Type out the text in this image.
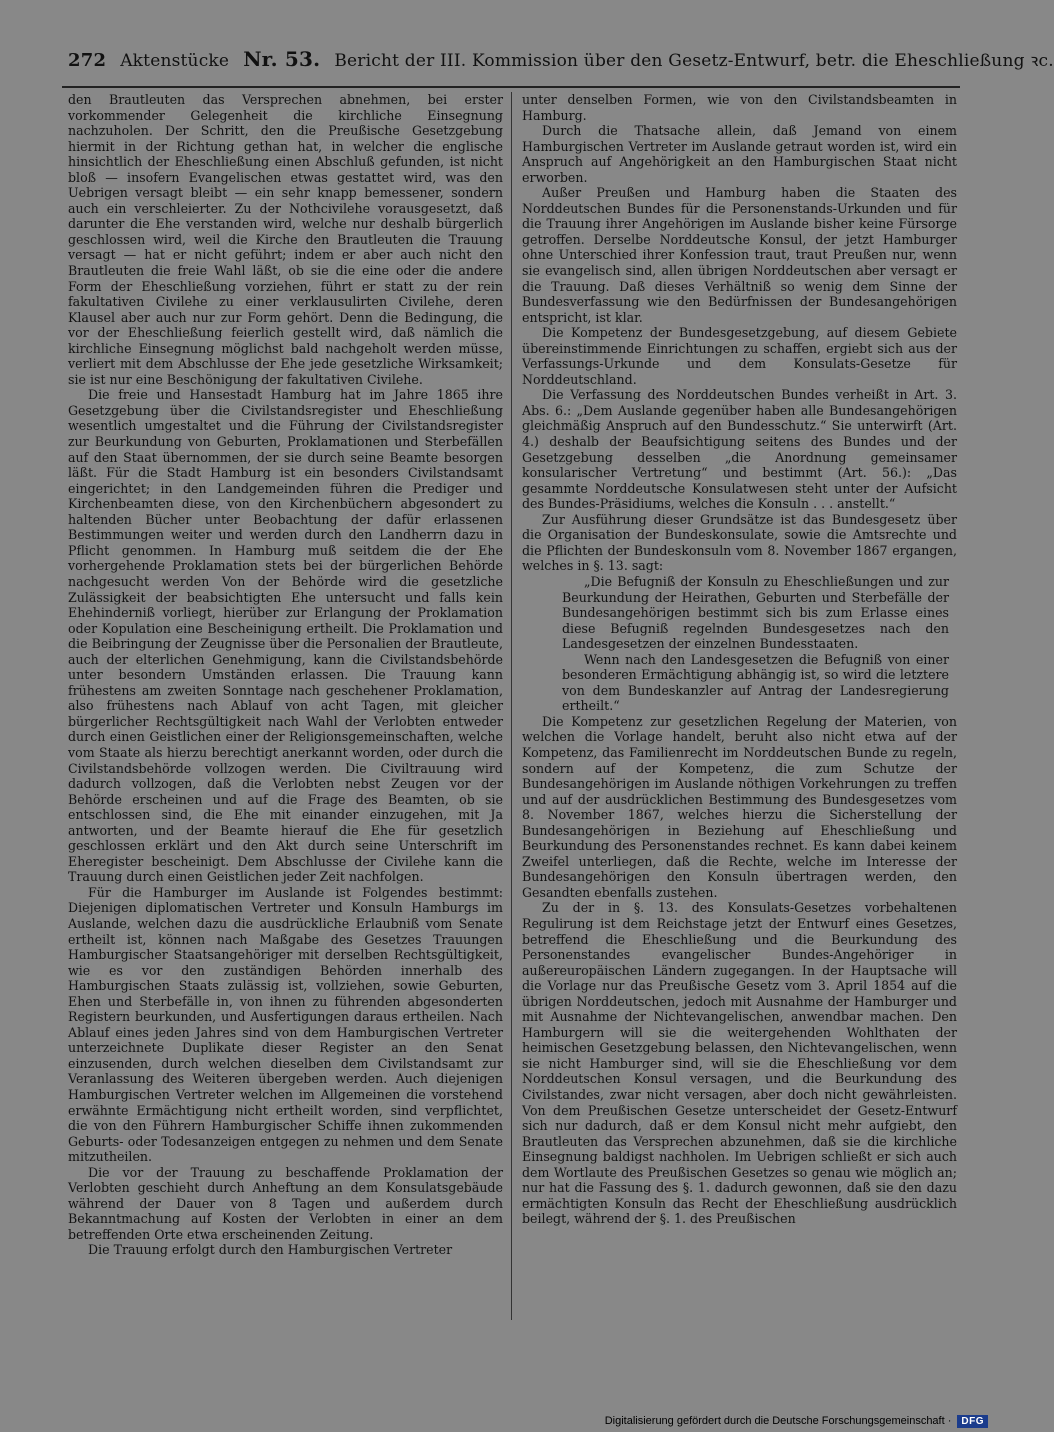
272 Aktenstücke Nr. 53. Bericht der III. Kommission über den Gesetz-Entwurf, betr. die Eheschließung ꝛc.

den Brautleuten das Versprechen abnehmen, bei erster vorkommender Gelegenheit die kirchliche Einsegnung nachzuholen. Der Schritt, den die Preußische Gesetzgebung hiermit in der Richtung gethan hat, in welcher die englische hinsichtlich der Eheschließung einen Abschluß gefunden, ist nicht bloß — insofern Evangelischen etwas gestattet wird, was den Uebrigen versagt bleibt — ein sehr knapp bemessener, sondern auch ein verschleierter. Zu der Nothcivilehe vorausgesetzt, daß darunter die Ehe verstanden wird, welche nur deshalb bürgerlich geschlossen wird, weil die Kirche den Brautleuten die Trauung versagt — hat er nicht geführt; indem er aber auch nicht den Brautleuten die freie Wahl läßt, ob sie die eine oder die andere Form der Eheschließung vorziehen, führt er statt zu der rein fakultativen Civilehe zu einer verklausulirten Civilehe, deren Klausel aber auch nur zur Form gehört. Denn die Bedingung, die vor der Eheschließung feierlich gestellt wird, daß nämlich die kirchliche Einsegnung möglichst bald nachgeholt werden müsse, verliert mit dem Abschlusse der Ehe jede gesetzliche Wirksamkeit; sie ist nur eine Beschönigung der fakultativen Civilehe.

Die freie und Hansestadt Hamburg hat im Jahre 1865 ihre Gesetzgebung über die Civilstandsregister und Eheschließung wesentlich umgestaltet und die Führung der Civilstandsregister zur Beurkundung von Geburten, Proklamationen und Sterbefällen auf den Staat übernommen, der sie durch seine Beamte besorgen läßt. Für die Stadt Hamburg ist ein besonders Civilstandsamt eingerichtet; in den Landgemeinden führen die Prediger und Kirchenbeamten diese, von den Kirchenbüchern abgesondert zu haltenden Bücher unter Beobachtung der dafür erlassenen Bestimmungen weiter und werden durch den Landherrn dazu in Pflicht genommen. In Hamburg muß seitdem die der Ehe vorhergehende Proklamation stets bei der bürgerlichen Behörde nachgesucht werden Von der Behörde wird die gesetzliche Zulässigkeit der beabsichtigten Ehe untersucht und falls kein Ehehinderniß vorliegt, hierüber zur Erlangung der Proklamation oder Kopulation eine Bescheinigung ertheilt. Die Proklamation und die Beibringung der Zeugnisse über die Personalien der Brautleute, auch der elterlichen Genehmigung, kann die Civilstandsbehörde unter besondern Umständen erlassen. Die Trauung kann frühestens am zweiten Sonntage nach geschehener Proklamation, also frühestens nach Ablauf von acht Tagen, mit gleicher bürgerlicher Rechtsgültigkeit nach Wahl der Verlobten entweder durch einen Geistlichen einer der Religionsgemeinschaften, welche vom Staate als hierzu berechtigt anerkannt worden, oder durch die Civilstandsbehörde vollzogen werden. Die Civiltrauung wird dadurch vollzogen, daß die Verlobten nebst Zeugen vor der Behörde erscheinen und auf die Frage des Beamten, ob sie entschlossen sind, die Ehe mit einander einzugehen, mit Ja antworten, und der Beamte hierauf die Ehe für gesetzlich geschlossen erklärt und den Akt durch seine Unterschrift im Eheregister bescheinigt. Dem Abschlusse der Civilehe kann die Trauung durch einen Geistlichen jeder Zeit nachfolgen.

Für die Hamburger im Auslande ist Folgendes bestimmt: Diejenigen diplomatischen Vertreter und Konsuln Hamburgs im Auslande, welchen dazu die ausdrückliche Erlaubniß vom Senate ertheilt ist, können nach Maßgabe des Gesetzes Trauungen Hamburgischer Staatsangehöriger mit derselben Rechtsgültigkeit, wie es vor den zuständigen Behörden innerhalb des Hamburgischen Staats zulässig ist, vollziehen, sowie Geburten, Ehen und Sterbefälle in, von ihnen zu führenden abgesonderten Registern beurkunden, und Ausfertigungen daraus ertheilen. Nach Ablauf eines jeden Jahres sind von dem Hamburgischen Vertreter unterzeichnete Duplikate dieser Register an den Senat einzusenden, durch welchen dieselben dem Civilstandsamt zur Veranlassung des Weiteren übergeben werden. Auch diejenigen Hamburgischen Vertreter welchen im Allgemeinen die vorstehend erwähnte Ermächtigung nicht ertheilt worden, sind verpflichtet, die von den Führern Hamburgischer Schiffe ihnen zukommenden Geburts- oder Todesanzeigen entgegen zu nehmen und dem Senate mitzutheilen.

Die vor der Trauung zu beschaffende Proklamation der Verlobten geschieht durch Anheftung an dem Konsulatsgebäude während der Dauer von 8 Tagen und außerdem durch Bekanntmachung auf Kosten der Verlobten in einer an dem betreffenden Orte etwa erscheinenden Zeitung.

Die Trauung erfolgt durch den Hamburgischen Vertreter

unter denselben Formen, wie von den Civilstandsbeamten in Hamburg.

Durch die Thatsache allein, daß Jemand von einem Hamburgischen Vertreter im Auslande getraut worden ist, wird ein Anspruch auf Angehörigkeit an den Hamburgischen Staat nicht erworben.

Außer Preußen und Hamburg haben die Staaten des Norddeutschen Bundes für die Personenstands-Urkunden und für die Trauung ihrer Angehörigen im Auslande bisher keine Fürsorge getroffen. Derselbe Norddeutsche Konsul, der jetzt Hamburger ohne Unterschied ihrer Konfession traut, traut Preußen nur, wenn sie evangelisch sind, allen übrigen Norddeutschen aber versagt er die Trauung. Daß dieses Verhältniß so wenig dem Sinne der Bundesverfassung wie den Bedürfnissen der Bundesangehörigen entspricht, ist klar.

Die Kompetenz der Bundesgesetzgebung, auf diesem Gebiete übereinstimmende Einrichtungen zu schaffen, ergiebt sich aus der Verfassungs-Urkunde und dem Konsulats-Gesetze für Norddeutschland.

Die Verfassung des Norddeutschen Bundes verheißt in Art. 3. Abs. 6.: „Dem Auslande gegenüber haben alle Bundesangehörigen gleichmäßig Anspruch auf den Bundesschutz.“ Sie unterwirft (Art. 4.) deshalb der Beaufsichtigung seitens des Bundes und der Gesetzgebung desselben „die Anordnung gemeinsamer konsularischer Vertretung“ und bestimmt (Art. 56.): „Das gesammte Norddeutsche Konsulatwesen steht unter der Aufsicht des Bundes-Präsidiums, welches die Konsuln . . . anstellt.“

Zur Ausführung dieser Grundsätze ist das Bundesgesetz über die Organisation der Bundeskonsulate, sowie die Amtsrechte und die Pflichten der Bundeskonsuln vom 8. November 1867 ergangen, welches in §. 13. sagt:

„Die Befugniß der Konsuln zu Eheschließungen und zur Beurkundung der Heirathen, Geburten und Sterbefälle der Bundesangehörigen bestimmt sich bis zum Erlasse eines diese Befugniß regelnden Bundesgesetzes nach den Landesgesetzen der einzelnen Bundesstaaten.

Wenn nach den Landesgesetzen die Befugniß von einer besonderen Ermächtigung abhängig ist, so wird die letztere von dem Bundeskanzler auf Antrag der Landesregierung ertheilt.“

Die Kompetenz zur gesetzlichen Regelung der Materien, von welchen die Vorlage handelt, beruht also nicht etwa auf der Kompetenz, das Familienrecht im Norddeutschen Bunde zu regeln, sondern auf der Kompetenz, die zum Schutze der Bundesangehörigen im Auslande nöthigen Vorkehrungen zu treffen und auf der ausdrücklichen Bestimmung des Bundesgesetzes vom 8. November 1867, welches hierzu die Sicherstellung der Bundesangehörigen in Beziehung auf Eheschließung und Beurkundung des Personenstandes rechnet. Es kann dabei keinem Zweifel unterliegen, daß die Rechte, welche im Interesse der Bundesangehörigen den Konsuln übertragen werden, den Gesandten ebenfalls zustehen.

Zu der in §. 13. des Konsulats-Gesetzes vorbehaltenen Regulirung ist dem Reichstage jetzt der Entwurf eines Gesetzes, betreffend die Eheschließung und die Beurkundung des Personenstandes evangelischer Bundes-Angehöriger in außereuropäischen Ländern zugegangen. In der Hauptsache will die Vorlage nur das Preußische Gesetz vom 3. April 1854 auf die übrigen Norddeutschen, jedoch mit Ausnahme der Hamburger und mit Ausnahme der Nichtevangelischen, anwendbar machen. Den Hamburgern will sie die weitergehenden Wohlthaten der heimischen Gesetzgebung belassen, den Nichtevangelischen, wenn sie nicht Hamburger sind, will sie die Eheschließung vor dem Norddeutschen Konsul versagen, und die Beurkundung des Civilstandes, zwar nicht versagen, aber doch nicht gewährleisten. Von dem Preußischen Gesetze unterscheidet der Gesetz-Entwurf sich nur dadurch, daß er dem Konsul nicht mehr aufgiebt, den Brautleuten das Versprechen abzunehmen, daß sie die kirchliche Einsegnung baldigst nachholen. Im Uebrigen schließt er sich auch dem Wortlaute des Preußischen Gesetzes so genau wie möglich an; nur hat die Fassung des §. 1. dadurch gewonnen, daß sie den dazu ermächtigten Konsuln das Recht der Eheschließung ausdrücklich beilegt, während der §. 1. des Preußischen

Digitalisierung gefördert durch die Deutsche Forschungsgemeinschaft ·	DFG
